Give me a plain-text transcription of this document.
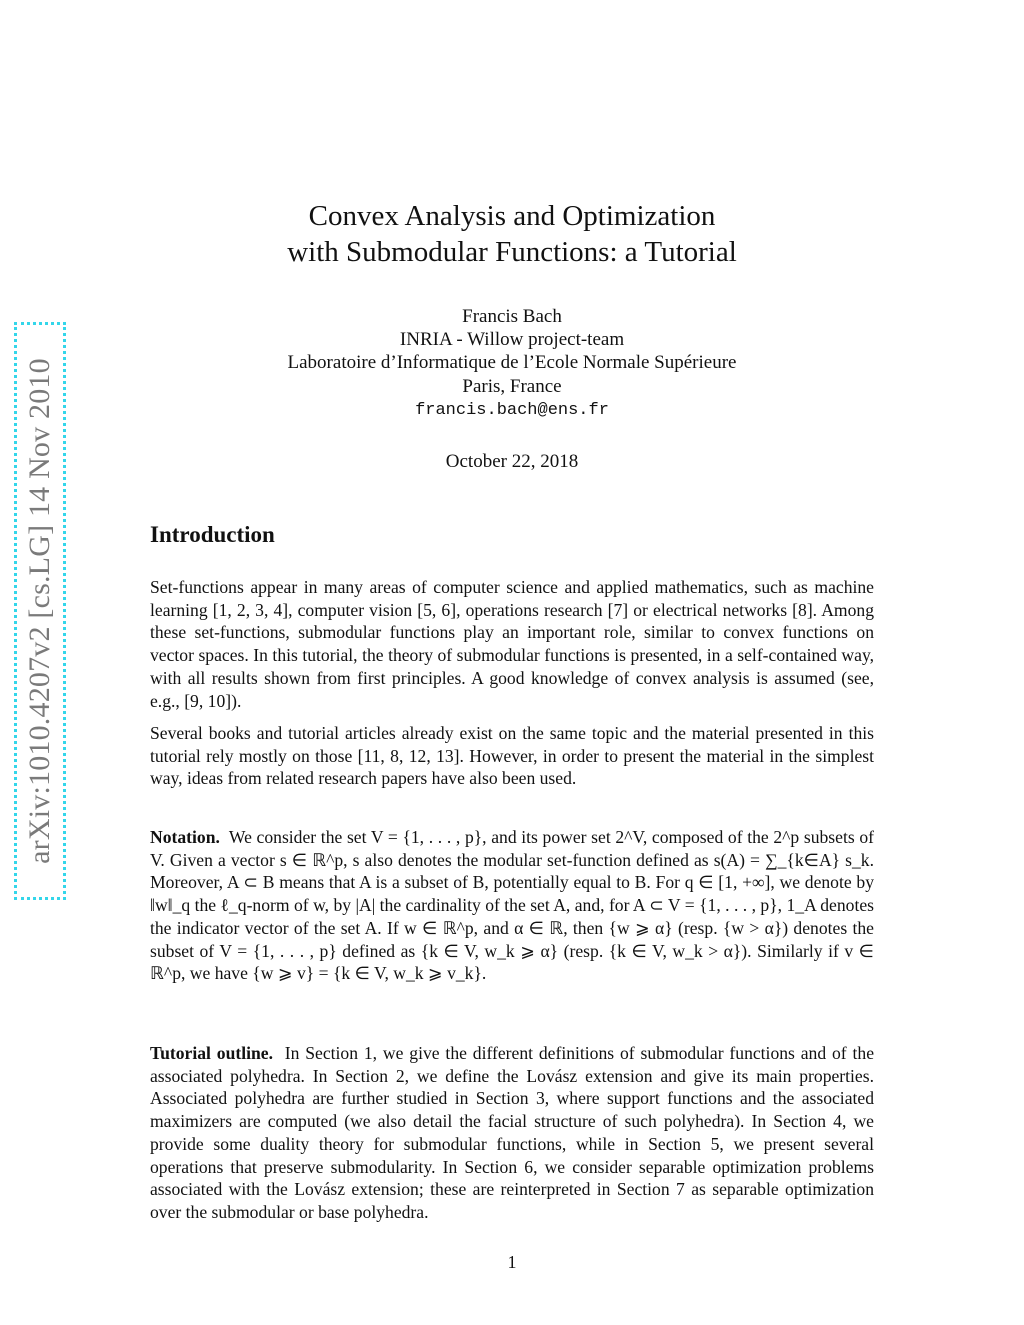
arXiv:1010.4207v2 [cs.LG] 14 Nov 2010
Convex Analysis and Optimization
with Submodular Functions: a Tutorial
Francis Bach
INRIA - Willow project-team
Laboratoire d’Informatique de l’Ecole Normale Supérieure
Paris, France
francis.bach@ens.fr
October 22, 2018
Introduction

Set-functions appear in many areas of computer science and applied mathematics, such as machine learning [1, 2, 3, 4], computer vision [5, 6], operations research [7] or electrical networks [8]. Among these set-functions, submodular functions play an important role, similar to convex functions on vector spaces. In this tutorial, the theory of submodular functions is presented, in a self-contained way, with all results shown from first principles. A good knowledge of convex analysis is assumed (see, e.g., [9, 10]).

Several books and tutorial articles already exist on the same topic and the material presented in this tutorial rely mostly on those [11, 8, 12, 13]. However, in order to present the material in the simplest way, ideas from related research papers have also been used.

Notation. We consider the set V = {1, . . . , p}, and its power set 2^V, composed of the 2^p subsets of V. Given a vector s ∈ ℝ^p, s also denotes the modular set-function defined as s(A) = ∑_{k∈A} s_k. Moreover, A ⊂ B means that A is a subset of B, potentially equal to B. For q ∈ [1, +∞], we denote by ‖w‖_q the ℓ_q-norm of w, by |A| the cardinality of the set A, and, for A ⊂ V = {1, . . . , p}, 1_A denotes the indicator vector of the set A. If w ∈ ℝ^p, and α ∈ ℝ, then {w ⩾ α} (resp. {w > α}) denotes the subset of V = {1, . . . , p} defined as {k ∈ V, w_k ⩾ α} (resp. {k ∈ V, w_k > α}). Similarly if v ∈ ℝ^p, we have {w ⩾ v} = {k ∈ V, w_k ⩾ v_k}.

Tutorial outline. In Section 1, we give the different definitions of submodular functions and of the associated polyhedra. In Section 2, we define the Lovász extension and give its main properties. Associated polyhedra are further studied in Section 3, where support functions and the associated maximizers are computed (we also detail the facial structure of such polyhedra). In Section 4, we provide some duality theory for submodular functions, while in Section 5, we present several operations that preserve submodularity. In Section 6, we consider separable optimization problems associated with the Lovász extension; these are reinterpreted in Section 7 as separable optimization over the submodular or base polyhedra.

1
